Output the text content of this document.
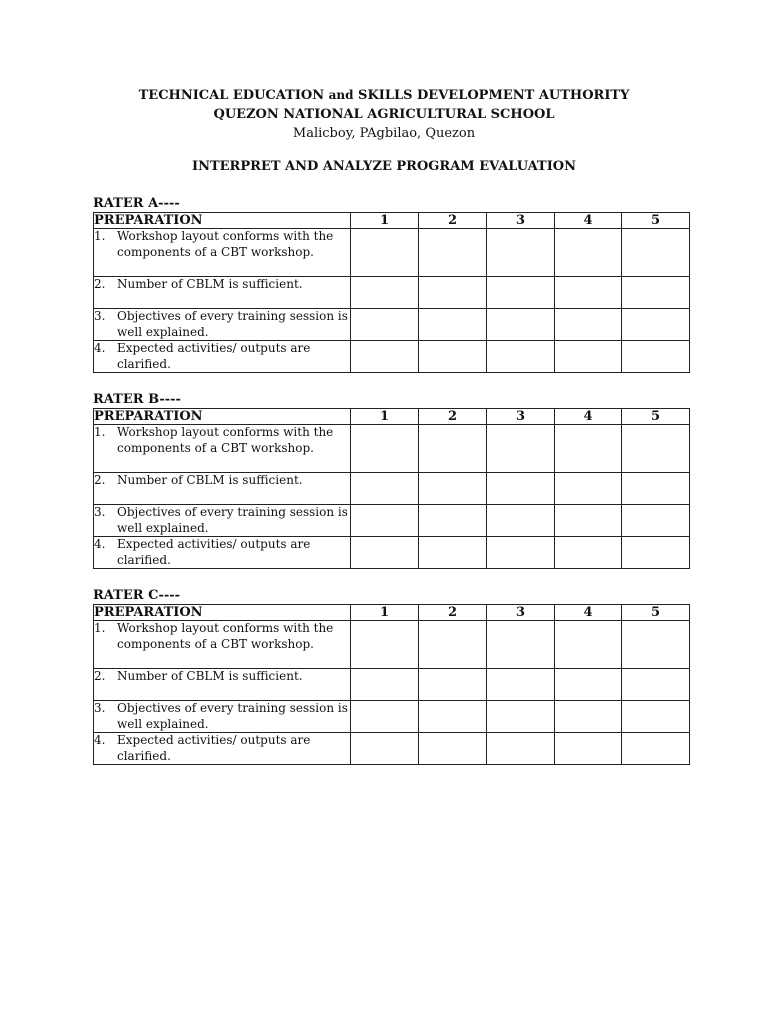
TECHNICAL EDUCATION and SKILLS DEVELOPMENT AUTHORITY
QUEZON NATIONAL AGRICULTURAL SCHOOL
Malicboy, PAgbilao, Quezon
INTERPRET AND ANALYZE PROGRAM EVALUATION
RATER A----
PREPARATION	1	2	3	4	5

1. Workshop layout conforms with the components of a CBT workshop.					

2. Number of CBLM is sufficient.					

3. Objectives of every training session is well explained.					

4. Expected activities/ outputs are clarified.					

RATER B----
PREPARATION	1	2	3	4	5

1. Workshop layout conforms with the components of a CBT workshop.					

2. Number of CBLM is sufficient.					

3. Objectives of every training session is well explained.					

4. Expected activities/ outputs are clarified.					

RATER C----
PREPARATION	1	2	3	4	5

1. Workshop layout conforms with the components of a CBT workshop.					

2. Number of CBLM is sufficient.					

3. Objectives of every training session is well explained.					

4. Expected activities/ outputs are clarified.					
